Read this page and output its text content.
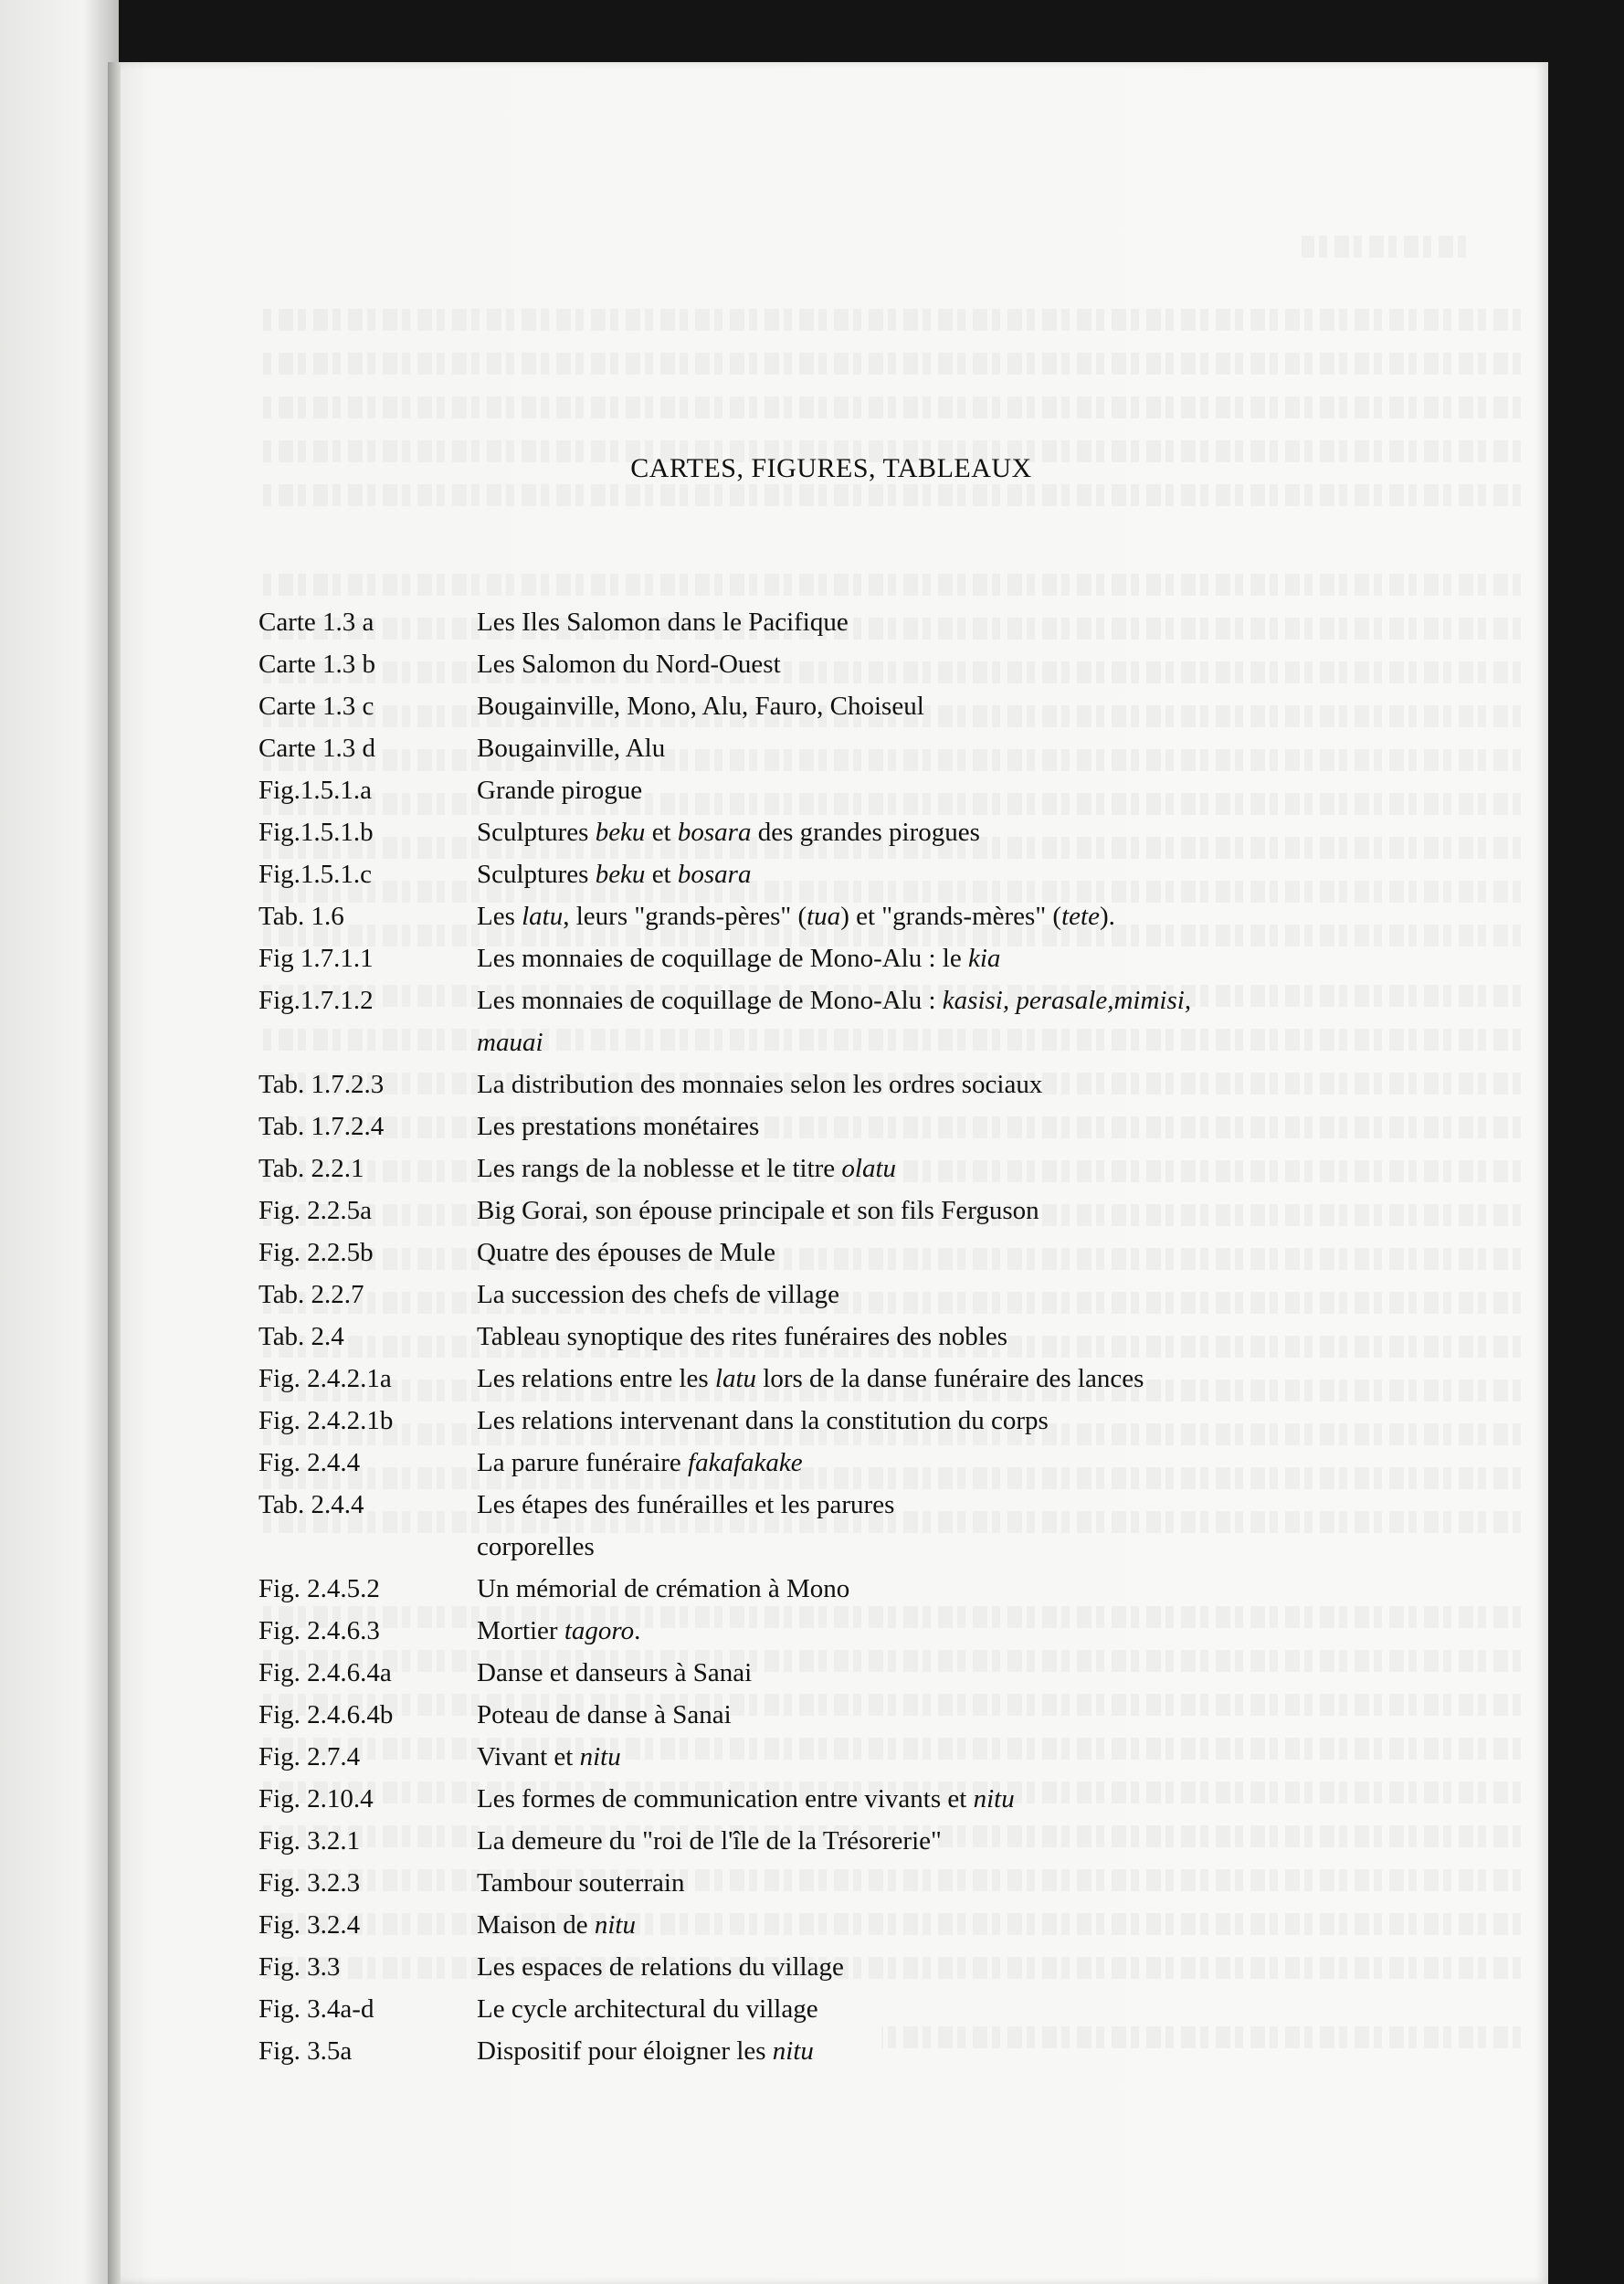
CARTES, FIGURES, TABLEAUX
Carte 1.3 a	Les Iles Salomon dans le Pacifique
Carte 1.3 b	Les Salomon du Nord-Ouest
Carte 1.3 c	Bougainville, Mono, Alu, Fauro, Choiseul
Carte 1.3 d	Bougainville, Alu
Fig.1.5.1.a	Grande pirogue
Fig.1.5.1.b	Sculptures beku et bosara des grandes pirogues
Fig.1.5.1.c	Sculptures beku et bosara
Tab. 1.6	Les latu, leurs "grands-pères" (tua) et "grands-mères" (tete).
Fig 1.7.1.1	Les monnaies de coquillage de Mono-Alu : le kia
Fig.1.7.1.2	Les monnaies de coquillage de Mono-Alu : kasisi, perasale,mimisi,
mauai
Tab. 1.7.2.3	La distribution des monnaies selon les ordres sociaux
Tab. 1.7.2.4	Les prestations monétaires
Tab. 2.2.1	Les rangs de la noblesse et le titre olatu
Fig. 2.2.5a	Big Gorai, son épouse principale et son fils Ferguson
Fig. 2.2.5b	Quatre des épouses de Mule
Tab. 2.2.7	La succession des chefs de village
Tab. 2.4	Tableau synoptique des rites funéraires des nobles
Fig. 2.4.2.1a	Les relations entre les latu lors de la danse funéraire des lances
Fig. 2.4.2.1b	Les relations intervenant dans la constitution du corps
Fig. 2.4.4	La parure funéraire fakafakake
Tab. 2.4.4	Les étapes des funérailles et les parures
corporelles
Fig. 2.4.5.2	Un mémorial de crémation à Mono
Fig. 2.4.6.3	Mortier tagoro.
Fig. 2.4.6.4a	Danse et danseurs à Sanai
Fig. 2.4.6.4b	Poteau de danse à Sanai
Fig. 2.7.4	Vivant et nitu
Fig. 2.10.4	Les formes de communication entre vivants et nitu
Fig. 3.2.1	La demeure du "roi de l'île de la Trésorerie"
Fig. 3.2.3	Tambour souterrain
Fig. 3.2.4	Maison de nitu
Fig. 3.3	Les espaces de relations du village
Fig. 3.4a-d	Le cycle architectural du village
Fig. 3.5a	Dispositif pour éloigner les nitu
